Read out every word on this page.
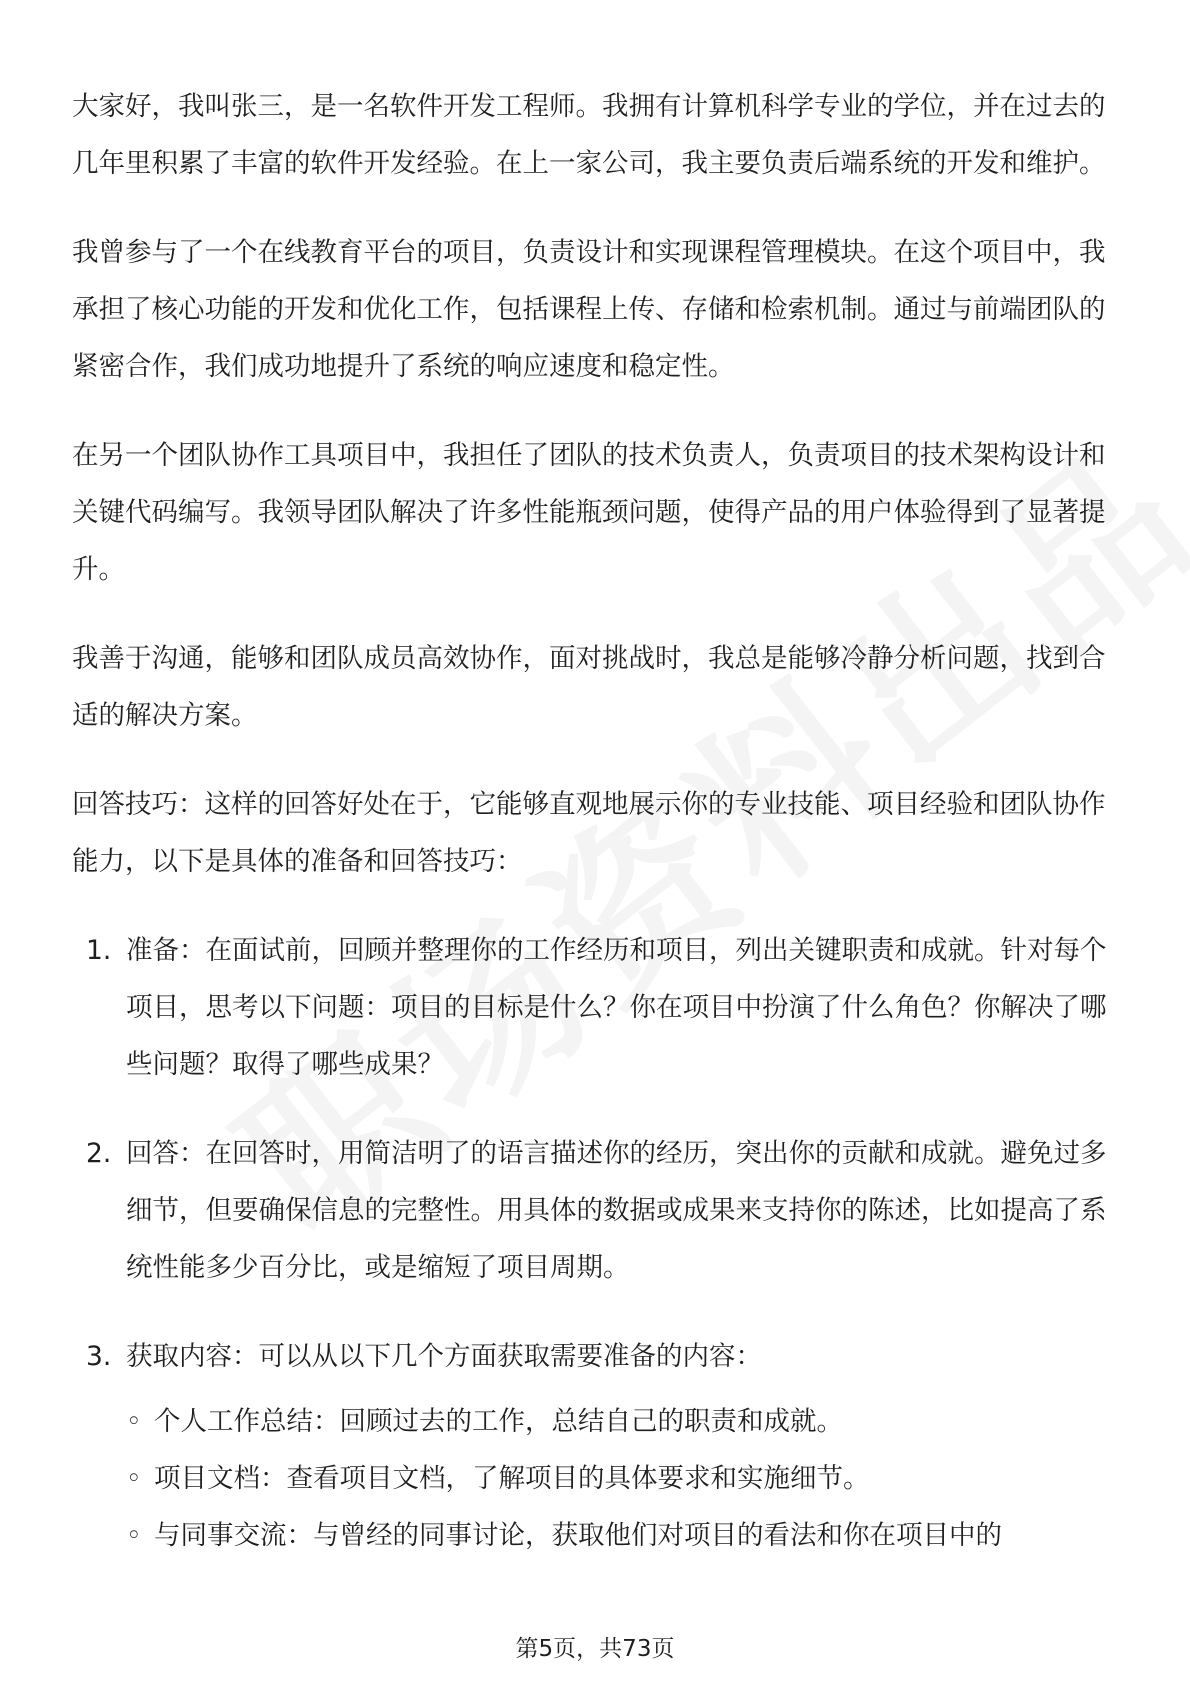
大家好，我叫张三，是一名软件开发工程师。我拥有计算机科学专业的学位，并在过去的几年里积累了丰富的软件开发经验。在上一家公司，我主要负责后端系统的开发和维护。

我曾参与了一个在线教育平台的项目，负责设计和实现课程管理模块。在这个项目中，我承担了核心功能的开发和优化工作，包括课程上传、存储和检索机制。通过与前端团队的紧密合作，我们成功地提升了系统的响应速度和稳定性。

在另一个团队协作工具项目中，我担任了团队的技术负责人，负责项目的技术架构设计和关键代码编写。我领导团队解决了许多性能瓶颈问题，使得产品的用户体验得到了显著提升。

我善于沟通，能够和团队成员高效协作，面对挑战时，我总是能够冷静分析问题，找到合适的解决方案。

回答技巧：这样的回答好处在于，它能够直观地展示你的专业技能、项目经验和团队协作能力，以下是具体的准备和回答技巧：

1. 准备：在面试前，回顾并整理你的工作经历和项目，列出关键职责和成就。针对每个项目，思考以下问题：项目的目标是什么？你在项目中扮演了什么角色？你解决了哪些问题？取得了哪些成果？
2. 回答：在回答时，用简洁明了的语言描述你的经历，突出你的贡献和成就。避免过多细节，但要确保信息的完整性。用具体的数据或成果来支持你的陈述，比如提高了系统性能多少百分比，或是缩短了项目周期。
3. 获取内容：可以从以下几个方面获取需要准备的内容：
◦ 个人工作总结：回顾过去的工作，总结自己的职责和成就。
◦ 项目文档：查看项目文档，了解项目的具体要求和实施细节。
◦ 与同事交流：与曾经的同事讨论，获取他们对项目的看法和你在项目中的
第5页，共73页
